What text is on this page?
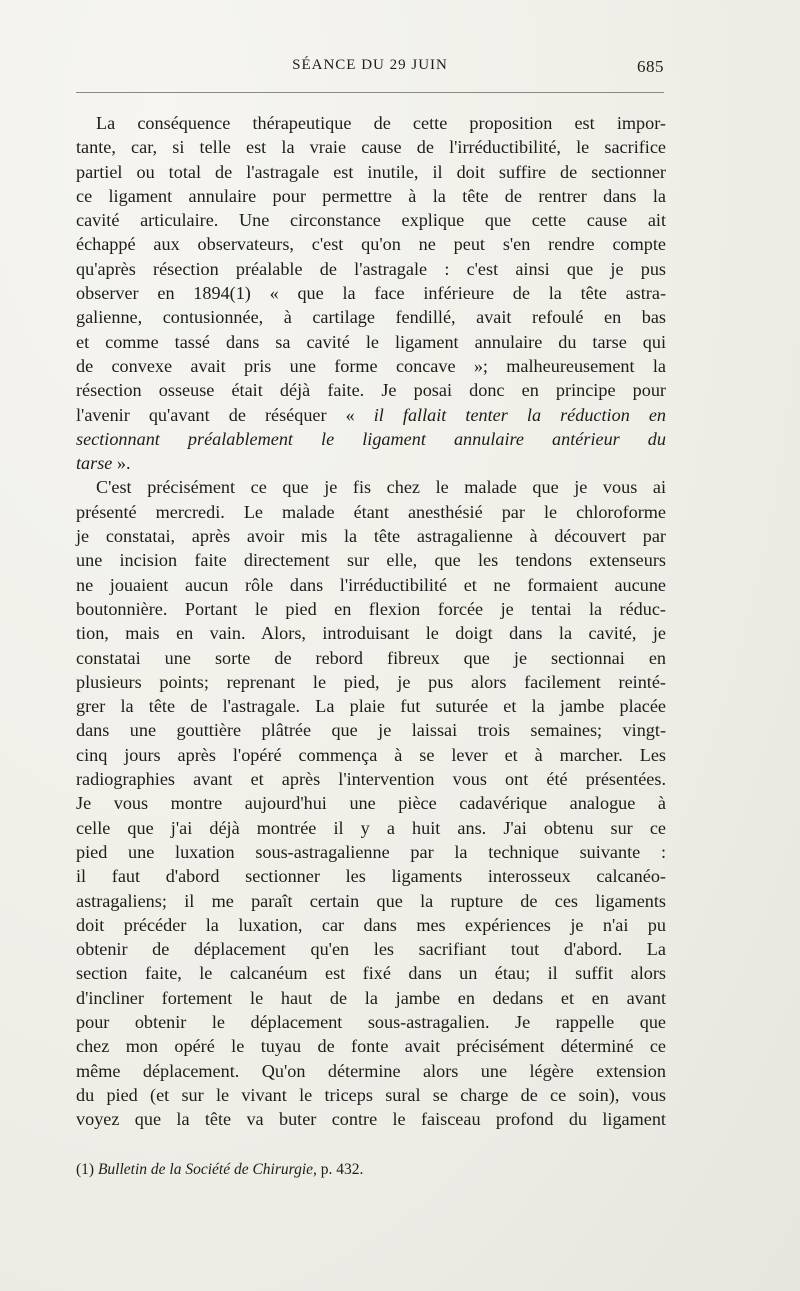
SÉANCE DU 29 JUIN	685
La conséquence thérapeutique de cette proposition est impor-
tante, car, si telle est la vraie cause de l'irréductibilité, le sacrifice
partiel ou total de l'astragale est inutile, il doit suffire de sectionner
ce ligament annulaire pour permettre à la tête de rentrer dans la
cavité articulaire. Une circonstance explique que cette cause ait
échappé aux observateurs, c'est qu'on ne peut s'en rendre compte
qu'après résection préalable de l'astragale : c'est ainsi que je pus
observer en 1894(1) « que la face inférieure de la tête astra-
galienne, contusionnée, à cartilage fendillé, avait refoulé en bas
et comme tassé dans sa cavité le ligament annulaire du tarse qui
de convexe avait pris une forme concave »; malheureusement la
résection osseuse était déjà faite. Je posai donc en principe pour
l'avenir qu'avant de réséquer « il fallait tenter la réduction en
sectionnant préalablement le ligament annulaire antérieur du
tarse ».
C'est précisément ce que je fis chez le malade que je vous ai
présenté mercredi. Le malade étant anesthésié par le chloroforme
je constatai, après avoir mis la tête astragalienne à découvert par
une incision faite directement sur elle, que les tendons extenseurs
ne jouaient aucun rôle dans l'irréductibilité et ne formaient aucune
boutonnière. Portant le pied en flexion forcée je tentai la réduc-
tion, mais en vain. Alors, introduisant le doigt dans la cavité, je
constatai une sorte de rebord fibreux que je sectionnai en
plusieurs points; reprenant le pied, je pus alors facilement reinté-
grer la tête de l'astragale. La plaie fut suturée et la jambe placée
dans une gouttière plâtrée que je laissai trois semaines; vingt-
cinq jours après l'opéré commença à se lever et à marcher. Les
radiographies avant et après l'intervention vous ont été présentées.
Je vous montre aujourd'hui une pièce cadavérique analogue à
celle que j'ai déjà montrée il y a huit ans. J'ai obtenu sur ce
pied une luxation sous-astragalienne par la technique suivante :
il faut d'abord sectionner les ligaments interosseux calcanéo-
astragaliens; il me paraît certain que la rupture de ces ligaments
doit précéder la luxation, car dans mes expériences je n'ai pu
obtenir de déplacement qu'en les sacrifiant tout d'abord. La
section faite, le calcanéum est fixé dans un étau; il suffit alors
d'incliner fortement le haut de la jambe en dedans et en avant
pour obtenir le déplacement sous-astragalien. Je rappelle que
chez mon opéré le tuyau de fonte avait précisément déterminé ce
même déplacement. Qu'on détermine alors une légère extension
du pied (et sur le vivant le triceps sural se charge de ce soin), vous
voyez que la tête va buter contre le faisceau profond du ligament
(1) Bulletin de la Société de Chirurgie, p. 432.
